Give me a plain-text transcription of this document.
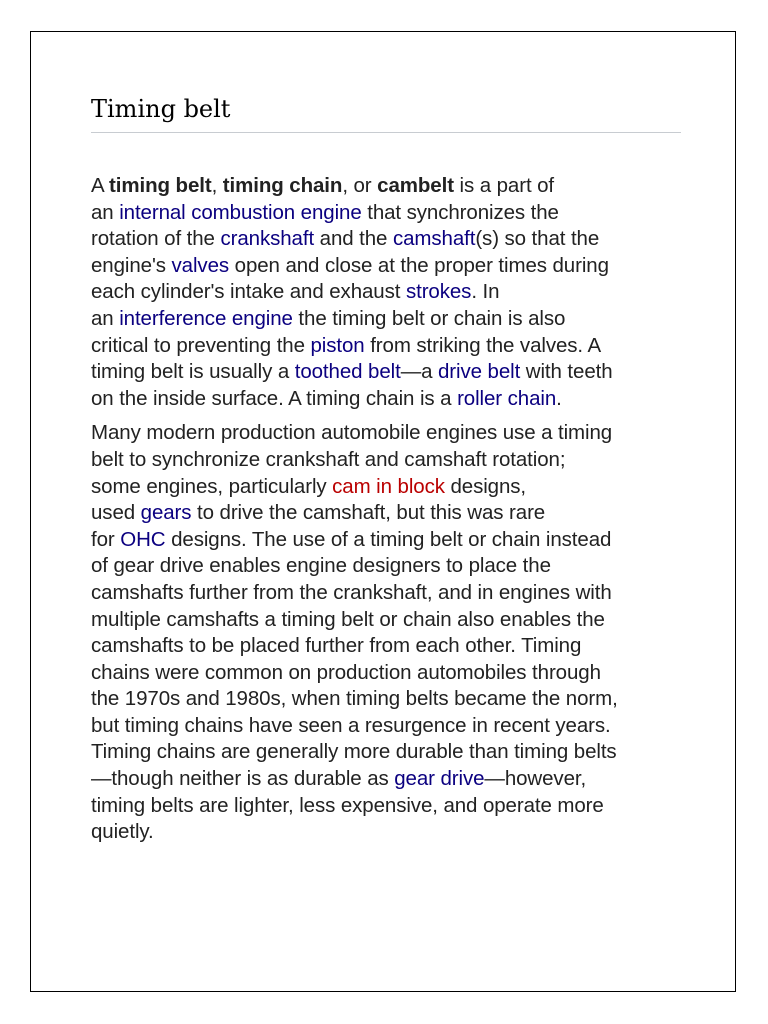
Timing belt

A timing belt, timing chain, or cambelt is a part of
an internal combustion engine that synchronizes the
rotation of the crankshaft and the camshaft(s) so that the
engine's valves open and close at the proper times during
each cylinder's intake and exhaust strokes. In
an interference engine the timing belt or chain is also
critical to preventing the piston from striking the valves. A
timing belt is usually a toothed belt—a drive belt with teeth
on the inside surface. A timing chain is a roller chain.

Many modern production automobile engines use a timing
belt to synchronize crankshaft and camshaft rotation;
some engines, particularly cam in block designs,
used gears to drive the camshaft, but this was rare
for OHC designs. The use of a timing belt or chain instead
of gear drive enables engine designers to place the
camshafts further from the crankshaft, and in engines with
multiple camshafts a timing belt or chain also enables the
camshafts to be placed further from each other. Timing
chains were common on production automobiles through
the 1970s and 1980s, when timing belts became the norm,
but timing chains have seen a resurgence in recent years.
Timing chains are generally more durable than timing belts
—though neither is as durable as gear drive—however,
timing belts are lighter, less expensive, and operate more
quietly.
